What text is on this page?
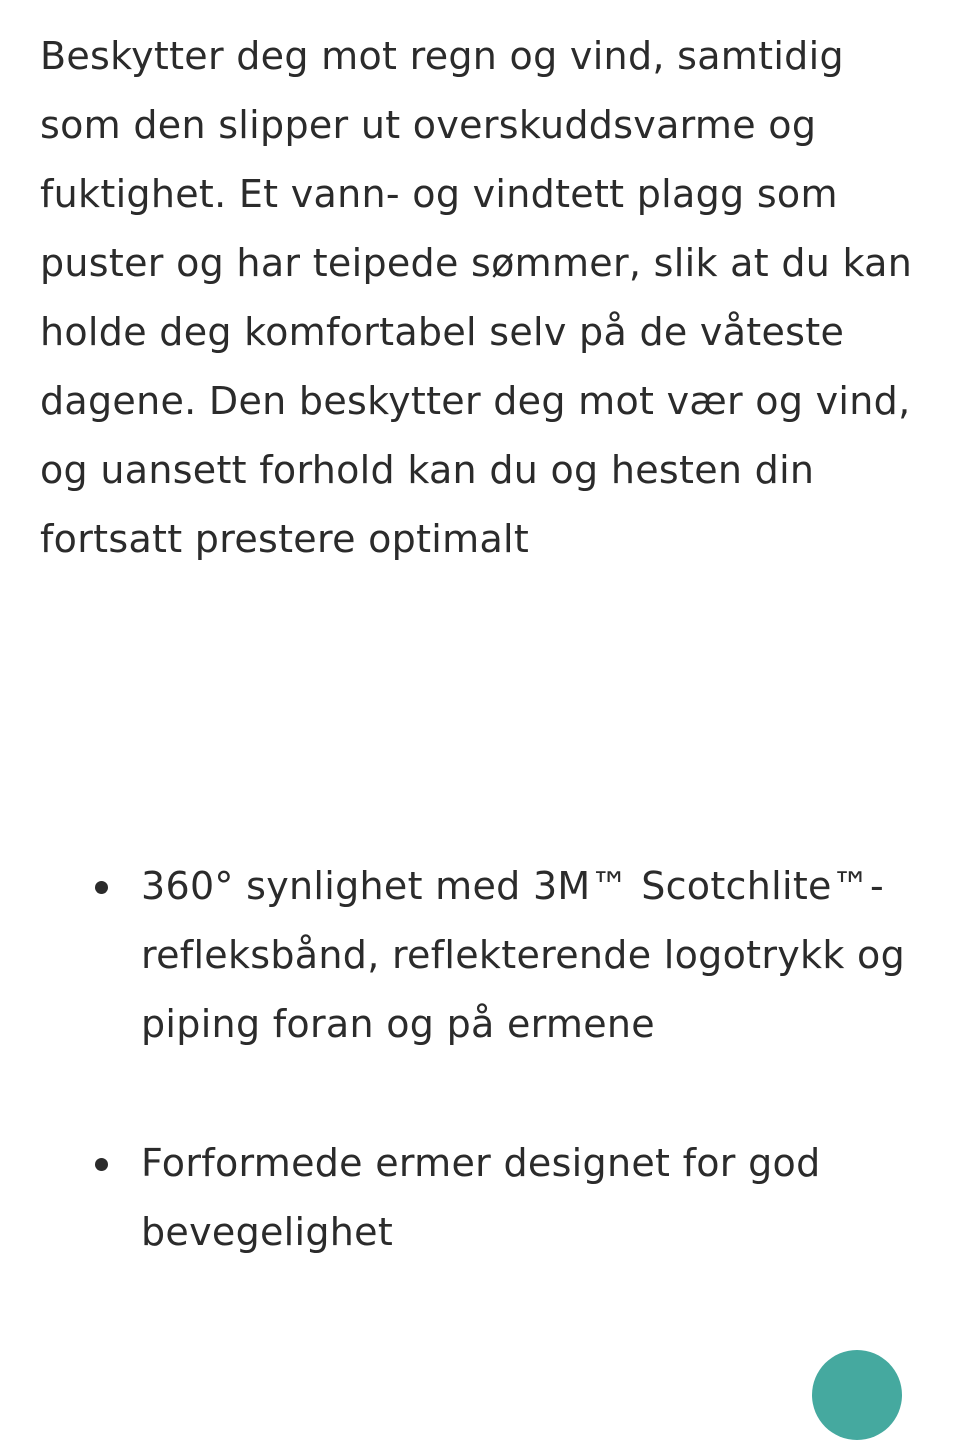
Beskytter deg mot regn og vind, samtidig som den slipper ut overskuddsvarme og fuktighet. Et vann- og vindtett plagg som puster og har teipede sømmer, slik at du kan holde deg komfortabel selv på de våteste dagene. Den beskytter deg mot vær og vind, og uansett forhold kan du og hesten din fortsatt prestere optimalt

360° synlighet med 3M™ Scotchlite™-refleksbånd, reflekterende logotrykk og piping foran og på ermene
Forformede ermer designet for god bevegelighet
